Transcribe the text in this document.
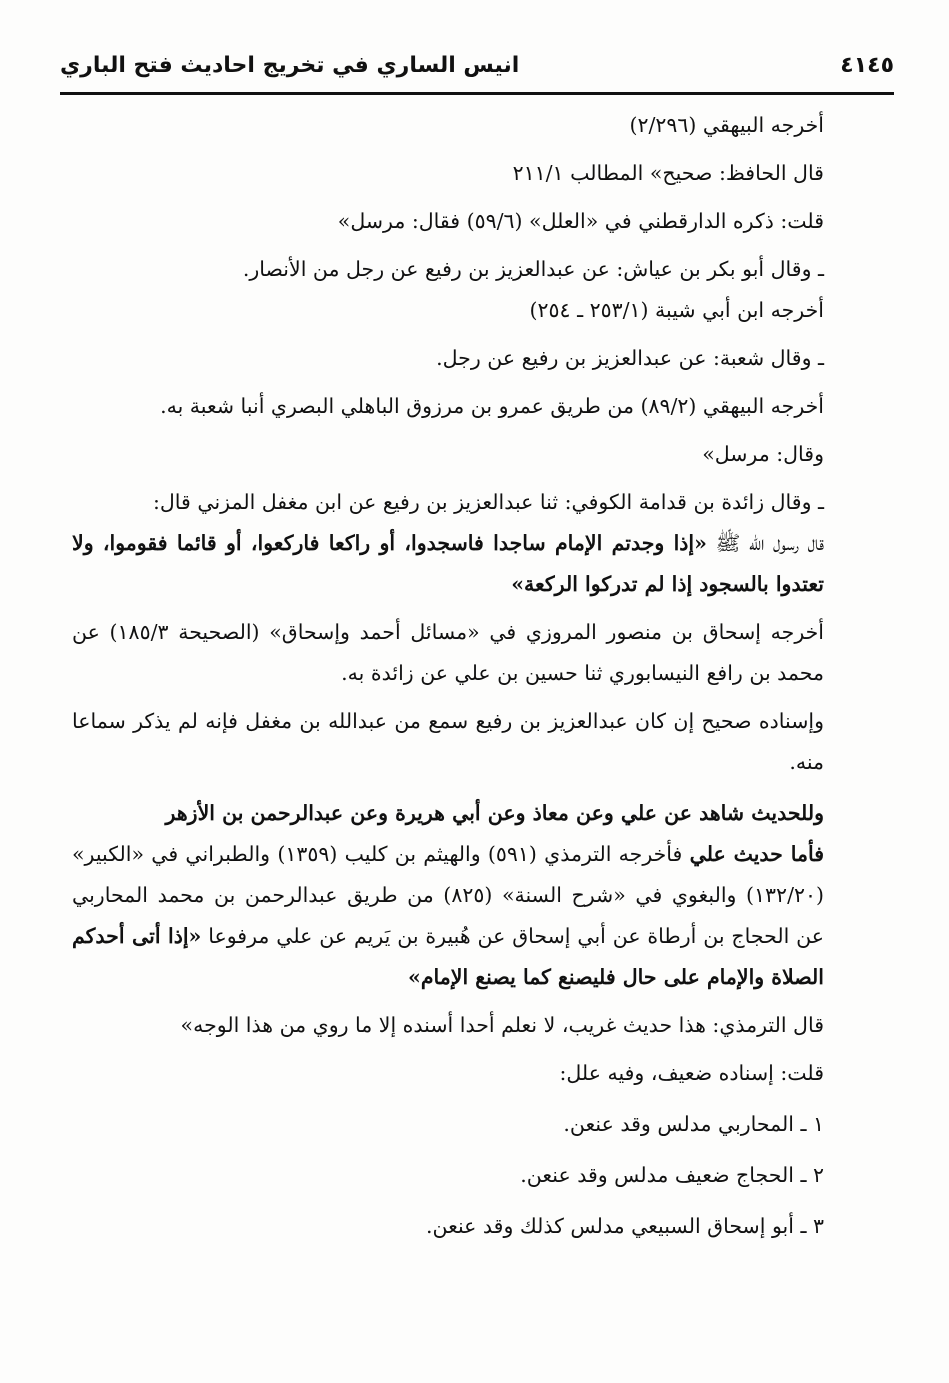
٤١٤٥
انيس الساري في تخريج احاديث فتح الباري

أخرجه البيهقي (٢/٢٩٦)

قال الحافظ: صحيح» المطالب ٢١١/١

قلت: ذكره الدارقطني في «العلل» (٥٩/٦) فقال: مرسل»

ـ وقال أبو بكر بن عياش: عن عبدالعزيز بن رفيع عن رجل من الأنصار.

أخرجه ابن أبي شيبة (٢٥٣/١ ـ ٢٥٤)

ـ وقال شعبة: عن عبدالعزيز بن رفيع عن رجل.

أخرجه البيهقي (٨٩/٢) من طريق عمرو بن مرزوق الباهلي البصري أنبا شعبة به.

وقال: مرسل»

ـ وقال زائدة بن قدامة الكوفي: ثنا عبدالعزيز بن رفيع عن ابن مغفل المزني قال:

قال رسول الله ﷺ «إذا وجدتم الإمام ساجدا فاسجدوا، أو راكعا فاركعوا، أو قائما فقوموا، ولا تعتدوا بالسجود إذا لم تدركوا الركعة»

أخرجه إسحاق بن منصور المروزي في «مسائل أحمد وإسحاق» (الصحيحة ١٨٥/٣) عن محمد بن رافع النيسابوري ثنا حسين بن علي عن زائدة به.

وإسناده صحيح إن كان عبدالعزيز بن رفيع سمع من عبدالله بن مغفل فإنه لم يذكر سماعا منه.

وللحديث شاهد عن علي وعن معاذ وعن أبي هريرة وعن عبدالرحمن بن الأزهر

فأما حديث علي فأخرجه الترمذي (٥٩١) والهيثم بن كليب (١٣٥٩) والطبراني في «الكبير» (١٣٢/٢٠) والبغوي في «شرح السنة» (٨٢٥) من طريق عبدالرحمن بن محمد المحاربي عن الحجاج بن أرطاة عن أبي إسحاق عن هُبيرة بن يَريم عن علي مرفوعا «إذا أتى أحدكم الصلاة والإمام على حال فليصنع كما يصنع الإمام»

قال الترمذي: هذا حديث غريب، لا نعلم أحدا أسنده إلا ما روي من هذا الوجه»

قلت: إسناده ضعيف، وفيه علل:

١ ـ المحاربي مدلس وقد عنعن.

٢ ـ الحجاج ضعيف مدلس وقد عنعن.

٣ ـ أبو إسحاق السبيعي مدلس كذلك وقد عنعن.
